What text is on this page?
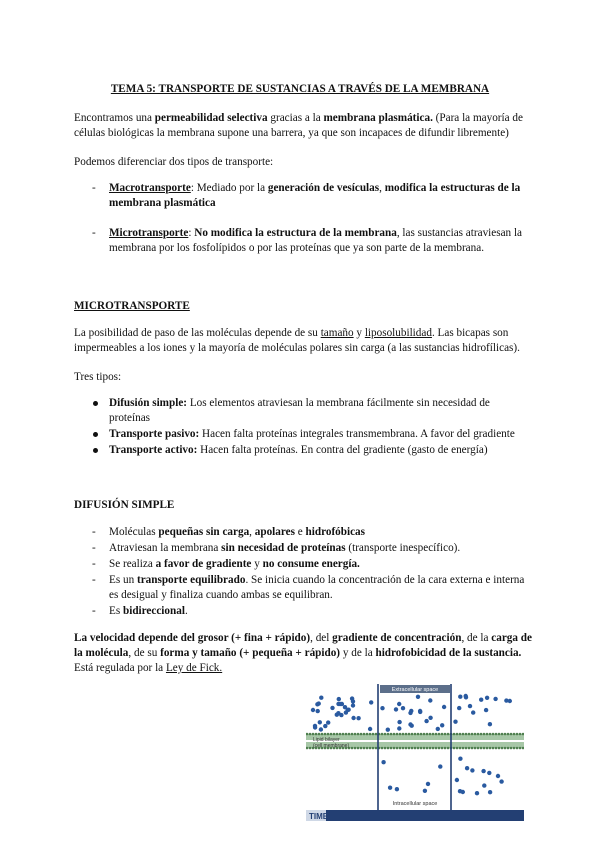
TEMA 5: TRANSPORTE DE SUSTANCIAS A TRAVÉS DE LA MEMBRANA

Encontramos una permeabilidad selectiva gracias a la membrana plasmática. (Para la mayoría de

células biológicas la membrana supone una barrera, ya que son incapaces de difundir libremente)

Podemos diferenciar dos tipos de transporte:

- Macrotransporte: Mediado por la generación de vesículas, modifica la estructuras de la

membrana plasmática

- Microtransporte: No modifica la estructura de la membrana, las sustancias atraviesan la

membrana por los fosfolípidos o por las proteínas que ya son parte de la membrana.

MICROTRANSPORTE

La posibilidad de paso de las moléculas depende de su tamaño y liposolubilidad. Las bicapas son

impermeables a los iones y la mayoría de moléculas polares sin carga (a las sustancias hidrofílicas).

Tres tipos:

Difusión simple: Los elementos atraviesan la membrana fácilmente sin necesidad de

proteínas

Transporte pasivo: Hacen falta proteínas integrales transmembrana. A favor del gradiente

Transporte activo: Hacen falta proteínas. En contra del gradiente (gasto de energía)

DIFUSIÓN SIMPLE

- Moléculas pequeñas sin carga, apolares e hidrofóbicas

- Atraviesan la membrana sin necesidad de proteínas (transporte inespecífico).

- Se realiza a favor de gradiente y no consume energía.

- Es un transporte equilibrado. Se inicia cuando la concentración de la cara externa e interna

es desigual y finaliza cuando ambas se equilibran.

- Es bidireccional.

La velocidad depende del grosor (+ fina + rápido), del gradiente de concentración, de la carga de

la molécula, de su forma y tamaño (+ pequeña + rápido) y de la hidrofobicidad de la sustancia.

Está regulada por la Ley de Fick.

Extracellular space
Intracellular space
Lipid bilayer
(cell membrane)
TIME
